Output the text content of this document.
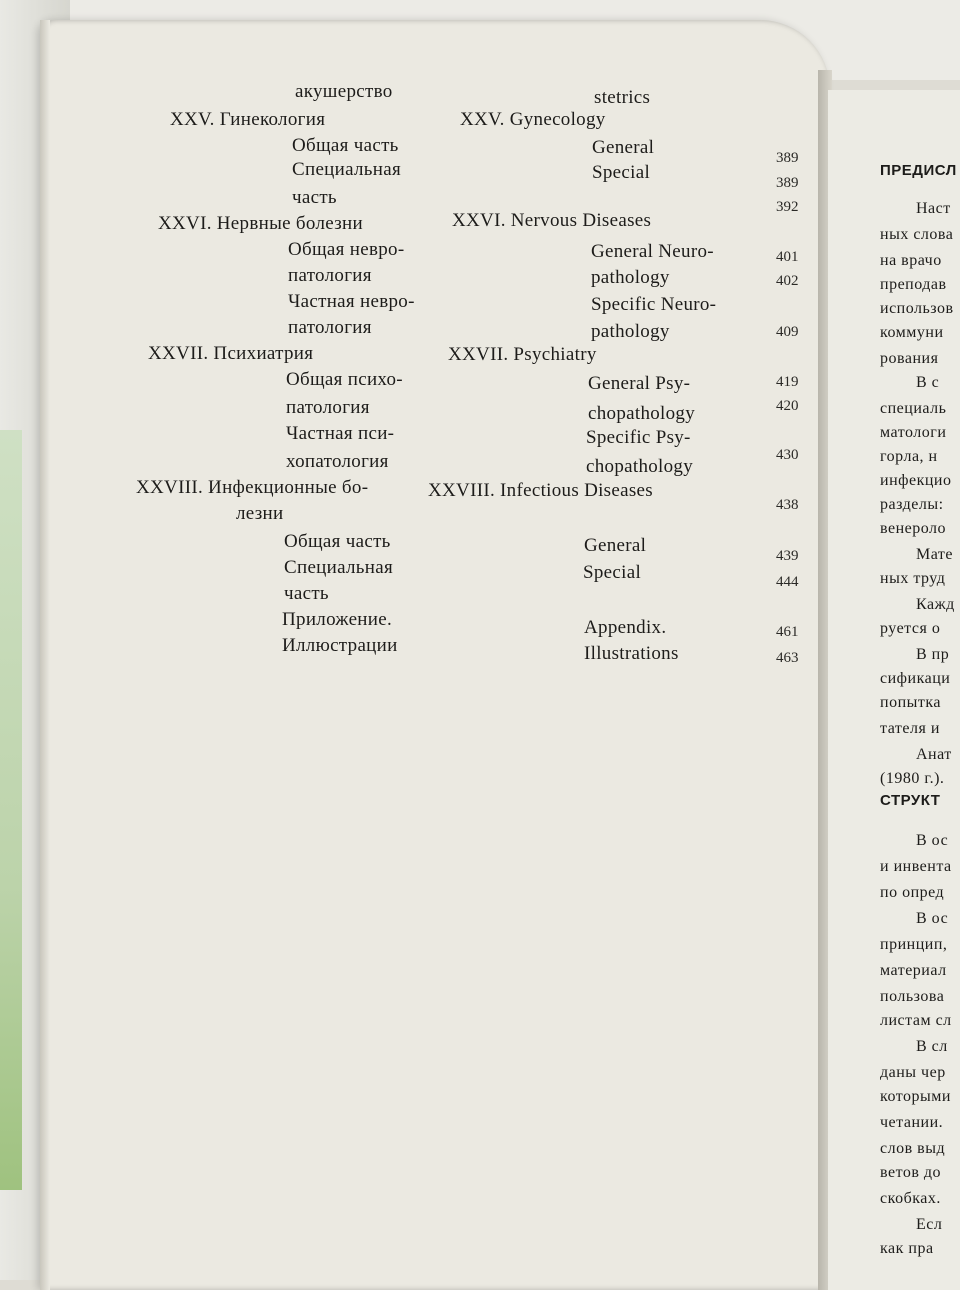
акушерство
XXV. Гинекология
Общая часть
Специальная
часть
XXVI. Нервные болезни
Общая невро-
патология
Частная невро-
патология
XXVII. Психиатрия
Общая психо-
патология
Частная пси-
хопатология
XXVIII. Инфекционные бо-
лезни
Общая часть
Специальная
часть
Приложение.
Иллюстрации
stetrics
XXV. Gynecology
General
Special
XXVI. Nervous Diseases
General Neuro-
pathology
Specific Neuro-
pathology
XXVII. Psychiatry
General Psy-
chopathology
Specific Psy-
chopathology
XXVIII. Infectious Diseases
General
Special
Appendix.
Illustrations
389
389
392
401
402
409
419
420
430
438
439
444
461
463
ПРЕДИСЛ
СТРУКТ
Наст
ных слова
на врачо
преподав
использов
коммуни
рования
В с
специаль
матологи
горла, н
инфекцио
разделы:
венероло
Мате
ных труд
Кажд
руется о
В пр
сификаци
попытка
тателя и
Анат
(1980 г.).
В ос
и инвента
по опред
В ос
принцип,
материал
пользова
листам сл
В сл
даны чер
которыми
четании.
слов выд
ветов до
скобках.
Есл
как пра
